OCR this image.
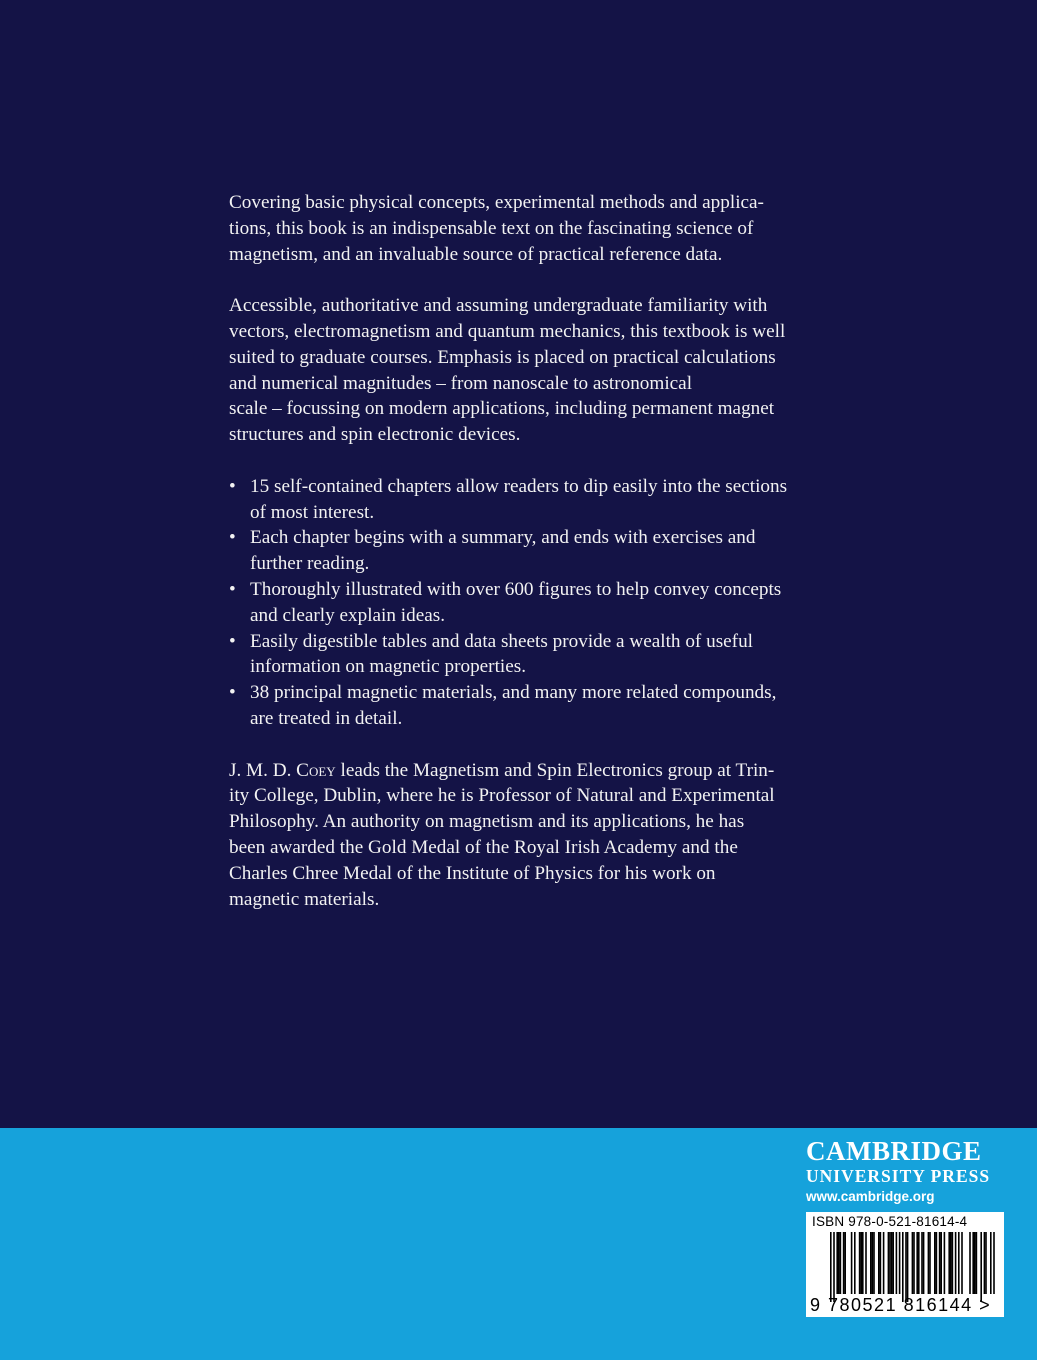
Covering basic physical concepts, experimental methods and applica-
tions, this book is an indispensable text on the fascinating science of
magnetism, and an invaluable source of practical reference data.

Accessible, authoritative and assuming undergraduate familiarity with
vectors, electromagnetism and quantum mechanics, this textbook is well
suited to graduate courses. Emphasis is placed on practical calculations
and numerical magnitudes – from nanoscale to astronomical
scale – focussing on modern applications, including permanent magnet
structures and spin electronic devices.

• 15 self-contained chapters allow readers to dip easily into the sections
of most interest.
• Each chapter begins with a summary, and ends with exercises and
further reading.
• Thoroughly illustrated with over 600 figures to help convey concepts
and clearly explain ideas.
• Easily digestible tables and data sheets provide a wealth of useful
information on magnetic properties.
• 38 principal magnetic materials, and many more related compounds,
are treated in detail.

J. M. D. Coey leads the Magnetism and Spin Electronics group at Trin-
ity College, Dublin, where he is Professor of Natural and Experimental
Philosophy. An authority on magnetism and its applications, he has
been awarded the Gold Medal of the Royal Irish Academy and the
Charles Chree Medal of the Institute of Physics for his work on
magnetic materials.

CAMBRIDGE
UNIVERSITY PRESS
www.cambridge.org
ISBN 978-0-521-81614-4
9 780521 816144 >
